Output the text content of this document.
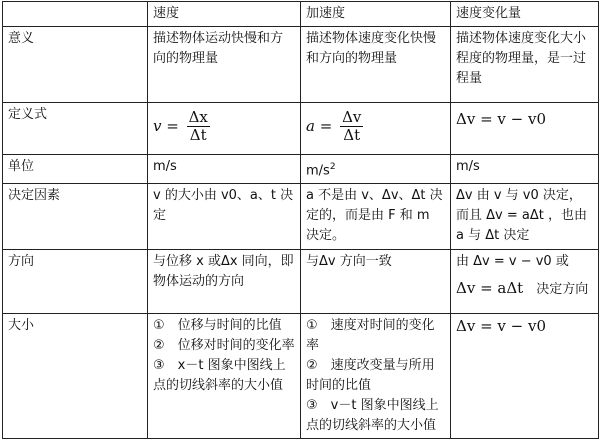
	速度	加速度	速度变化量
意义	描述物体运动快慢和方向的物理量	描述物体速度变化快慢和方向的物理量	描述物体速度变化大小程度的物理量，是一过程量
定义式	$v = \frac{\Delta x}{\Delta t}$	$a = \frac{\Delta v}{\Delta t}$	Δv = v − v0
单位	m/s	$m/s^2$	m/s
决定因素	v 的大小由 v0、a、t 决定	a 不是由 v、Δv、Δt 决定的，而是由 F 和 m 决定。	Δv 由 v 与 v0 决定，而且 Δv = aΔt ，也由 a 与 Δt 决定
方向	与位移 x 或Δx 同向，即物体运动的方向	与Δv 方向一致	由 Δv = v − v0 或
Δv = aΔt　 决定方向

大小	①　位移与时间的比值
②　位移对时间的变化率
③　x－t 图象中图线上点的切线斜率的大小值	①　速度对时间的变化率
②　速度改变量与所用时间的比值
③　v－t 图象中图线上点的切线斜率的大小值	Δv = v − v0
